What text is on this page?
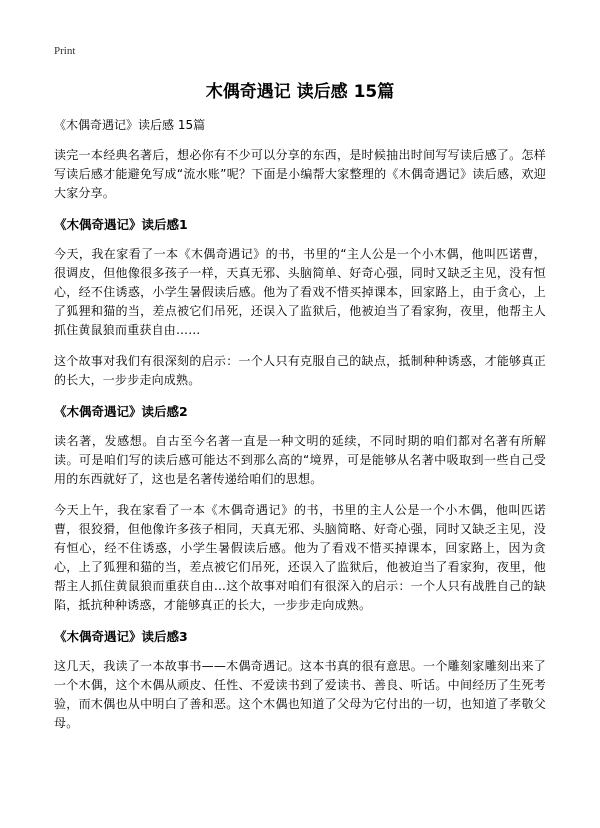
Print
木偶奇遇记 读后感 15篇
《木偶奇遇记》读后感 15篇
读完一本经典名著后，想必你有不少可以分享的东西，是时候抽出时间写写读后感了。怎样写读后感才能避免写成“流水账”呢？下面是小编帮大家整理的《木偶奇遇记》读后感，欢迎大家分享。
《木偶奇遇记》读后感1
今天，我在家看了一本《木偶奇遇记》的书，书里的“主人公是一个小木偶，他叫匹诺曹，很调皮，但他像很多孩子一样，天真无邪、头脑简单、好奇心强，同时又缺乏主见，没有恒心，经不住诱惑，小学生暑假读后感。他为了看戏不惜买掉课本，回家路上，由于贪心，上了狐狸和猫的当，差点被它们吊死，还误入了监狱后，他被迫当了看家狗，夜里，他帮主人抓住黄鼠狼而重获自由……
这个故事对我们有很深刻的启示：一个人只有克服自己的缺点，抵制种种诱惑，才能够真正的长大，一步步走向成熟。
《木偶奇遇记》读后感2
读名著，发感想。自古至今名著一直是一种文明的延续，不同时期的咱们都对名著有所解读。可是咱们写的读后感可能达不到那么高的“境界，可是能够从名著中吸取到一些自己受用的东西就好了，这也是名著传递给咱们的思想。
今天上午，我在家看了一本《木偶奇遇记》的书，书里的主人公是一个小木偶，他叫匹诺曹，很狡猾，但他像许多孩子相同，天真无邪、头脑简略、好奇心强，同时又缺乏主见，没有恒心，经不住诱惑，小学生暑假读后感。他为了看戏不惜买掉课本，回家路上，因为贪心，上了狐狸和猫的当，差点被它们吊死，还误入了监狱后，他被迫当了看家狗，夜里，他帮主人抓住黄鼠狼而重获自由…这个故事对咱们有很深入的启示：一个人只有战胜自己的缺陷，抵抗种种诱惑，才能够真正的长大，一步步走向成熟。
《木偶奇遇记》读后感3
这几天，我读了一本故事书——木偶奇遇记。这本书真的很有意思。一个雕刻家雕刻出来了一个木偶，这个木偶从顽皮、任性、不爱读书到了爱读书、善良、听话。中间经历了生死考验，而木偶也从中明白了善和恶。这个木偶也知道了父母为它付出的一切，也知道了孝敬父母。
